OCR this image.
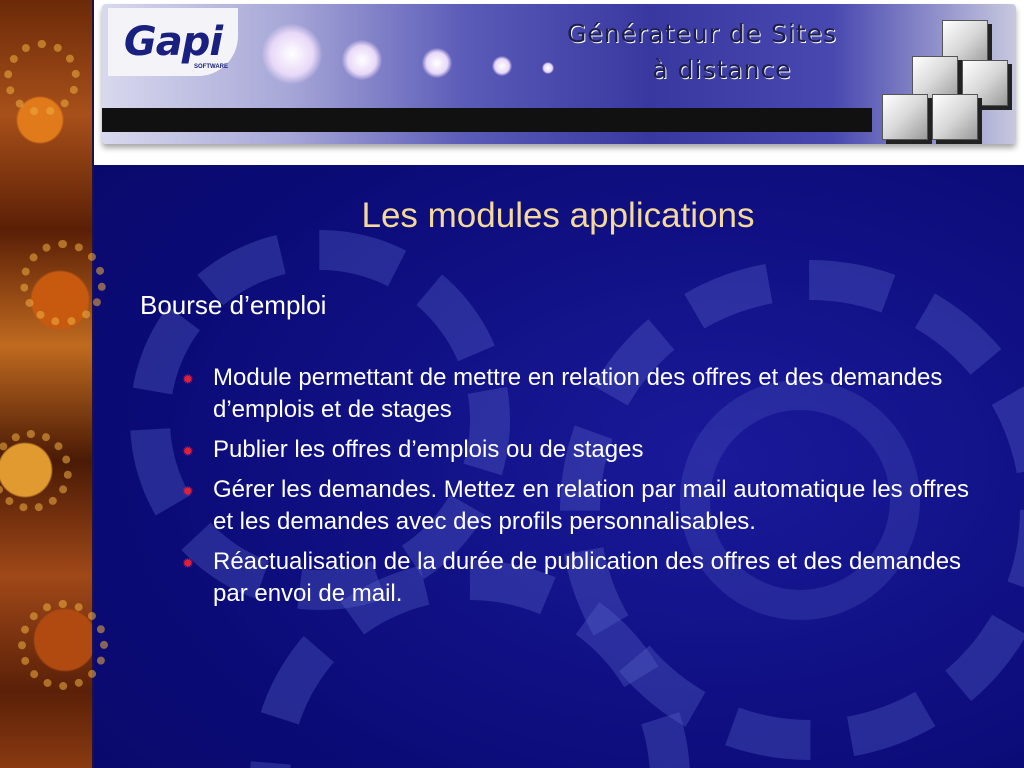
Gapi
SOFTWARE
Générateur de Sites
à distance
Les modules applications
Bourse d’emploi
✹ Module permettant de mettre en relation des offres et des demandes d’emplois et de stages
✹ Publier les offres d’emplois ou de stages
✹ Gérer les demandes. Mettez en relation par mail automatique les offres et les demandes avec des profils personnalisables.
✹ Réactualisation de la durée de publication des offres et des demandes par envoi de mail.
